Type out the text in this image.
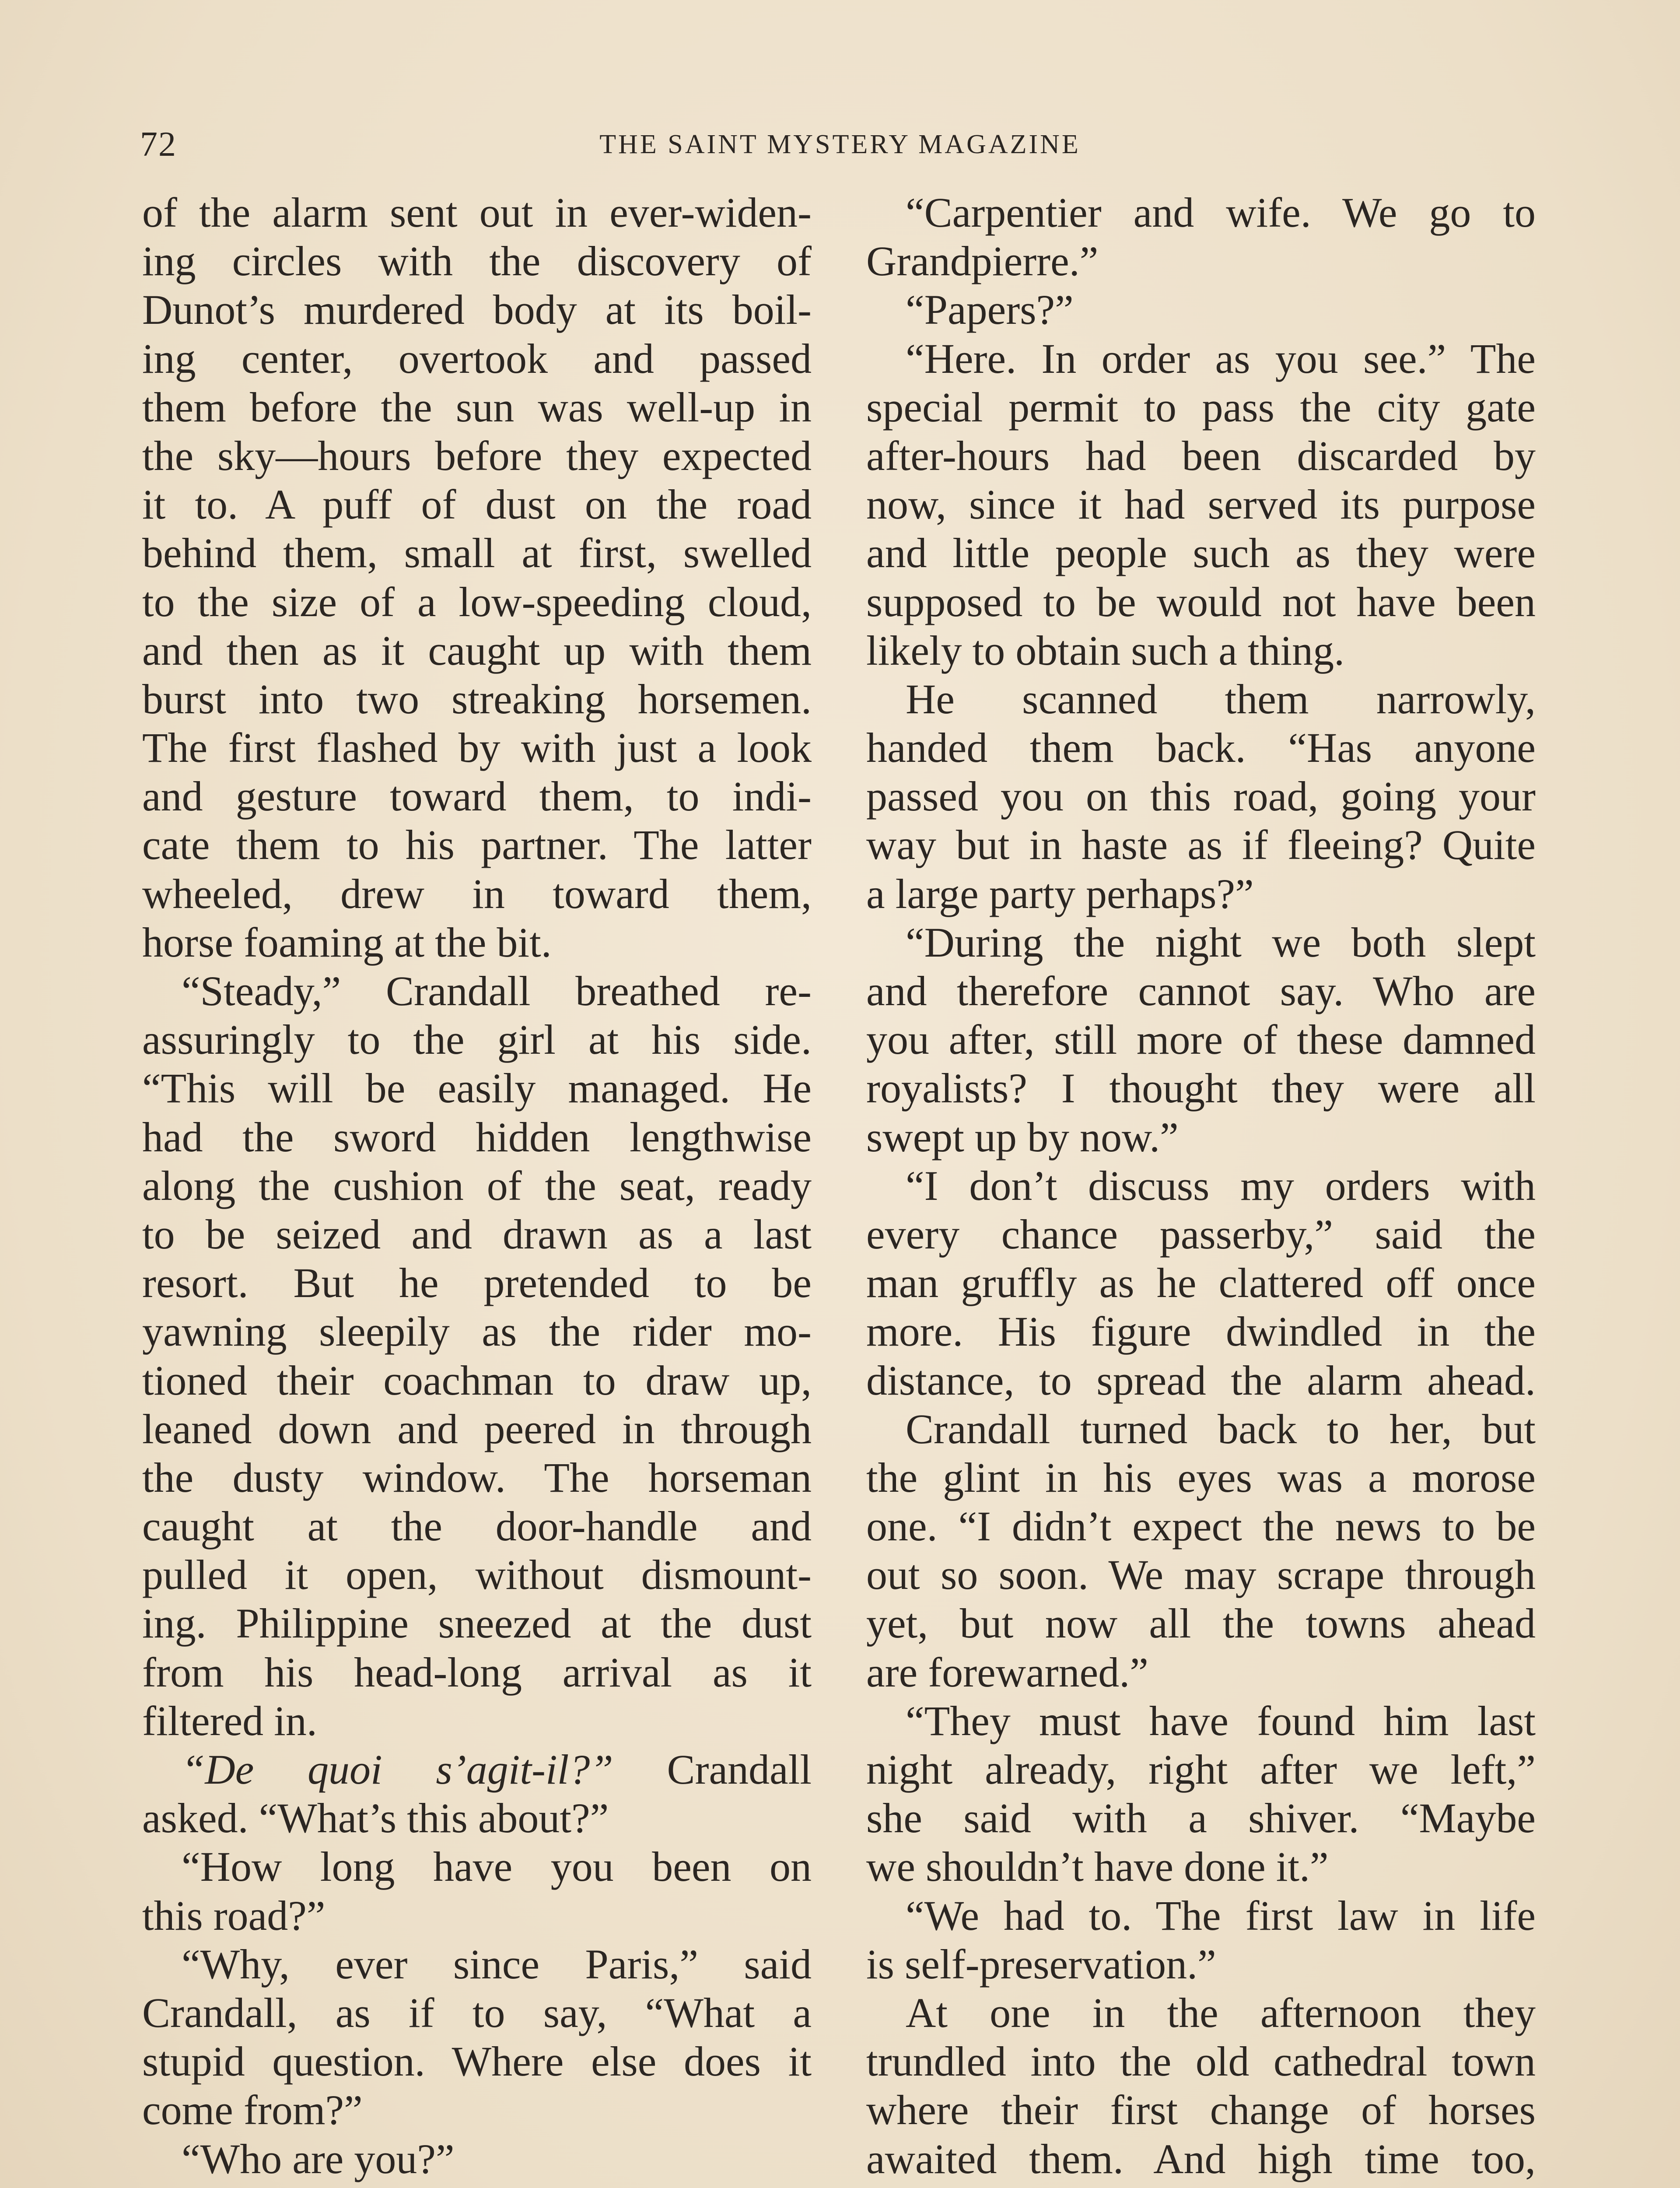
72	THE SAINT MYSTERY MAGAZINE
of the alarm sent out in ever-widen-
ing circles with the discovery of
Dunot’s murdered body at its boil-
ing center, overtook and passed
them before the sun was well-up in
the sky—hours before they expected
it to. A puff of dust on the road
behind them, small at first, swelled
to the size of a low-speeding cloud,
and then as it caught up with them
burst into two streaking horsemen.
The first flashed by with just a look
and gesture toward them, to indi-
cate them to his partner. The latter
wheeled, drew in toward them,
horse foaming at the bit.
“Steady,” Crandall breathed re-
assuringly to the girl at his side.
“This will be easily managed. He
had the sword hidden lengthwise
along the cushion of the seat, ready
to be seized and drawn as a last
resort. But he pretended to be
yawning sleepily as the rider mo-
tioned their coachman to draw up,
leaned down and peered in through
the dusty window. The horseman
caught at the door-handle and
pulled it open, without dismount-
ing. Philippine sneezed at the dust
from his head-long arrival as it
filtered in.
“De quoi s’agit-il?” Crandall
asked. “What’s this about?”
“How long have you been on
this road?”
“Why, ever since Paris,” said
Crandall, as if to say, “What a
stupid question. Where else does it
come from?”
“Who are you?”
“Carpentier and wife. We go to
Grandpierre.”
“Papers?”
“Here. In order as you see.” The
special permit to pass the city gate
after-hours had been discarded by
now, since it had served its purpose
and little people such as they were
supposed to be would not have been
likely to obtain such a thing.
He scanned them narrowly,
handed them back. “Has anyone
passed you on this road, going your
way but in haste as if fleeing? Quite
a large party perhaps?”
“During the night we both slept
and therefore cannot say. Who are
you after, still more of these damned
royalists? I thought they were all
swept up by now.”
“I don’t discuss my orders with
every chance passerby,” said the
man gruffly as he clattered off once
more. His figure dwindled in the
distance, to spread the alarm ahead.
Crandall turned back to her, but
the glint in his eyes was a morose
one. “I didn’t expect the news to be
out so soon. We may scrape through
yet, but now all the towns ahead
are forewarned.”
“They must have found him last
night already, right after we left,”
she said with a shiver. “Maybe
we shouldn’t have done it.”
“We had to. The first law in life
is self-preservation.”
At one in the afternoon they
trundled into the old cathedral town
where their first change of horses
awaited them. And high time too,
